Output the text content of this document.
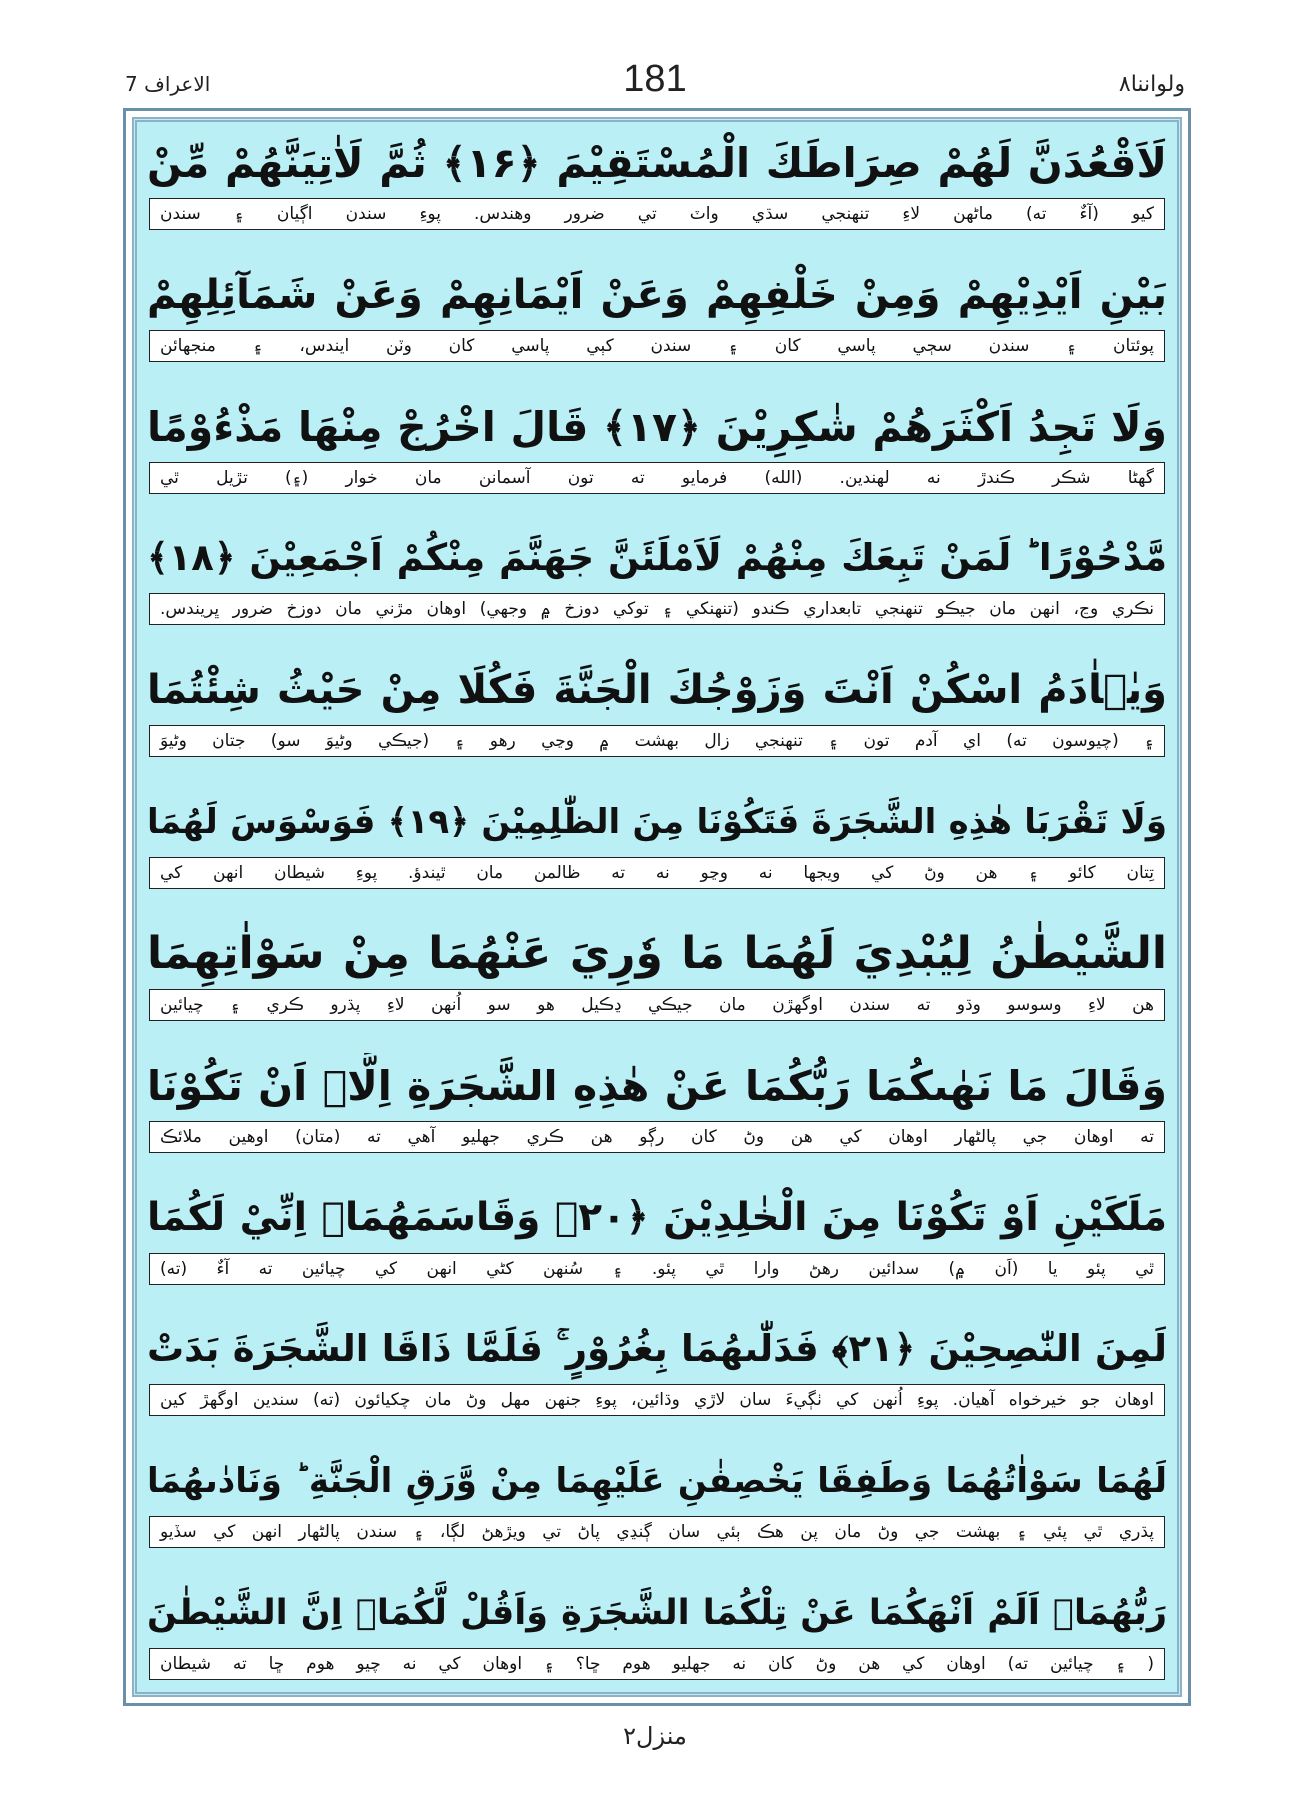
ولواننا۸
181
الاعراف 7
لَاَقْعُدَنَّ لَهُمْ صِرَاطَكَ الْمُسْتَقِيْمَ ﴿۱۶﴾ ثُمَّ لَاٰتِيَنَّهُمْ مِّنْ
کيو (آءٌ ته) ماڻهن لاءِ تنهنجي سڌي واٽ تي ضرور وهندس. پوءِ سندن اڳيان ۽ سندن
بَيْنِ اَيْدِيْهِمْ وَمِنْ خَلْفِهِمْ وَعَنْ اَيْمَانِهِمْ وَعَنْ شَمَآئِلِهِمْ
پوئتان ۽ سندن سڄي پاسي کان ۽ سندن کٻي پاسي کان وٽن ايندس، ۽ منجهائن
وَلَا تَجِدُ اَكْثَرَهُمْ شٰكِرِيْنَ ﴿۱۷﴾ قَالَ اخْرُجْ مِنْهَا مَذْءُوْمًا
گهڻا شڪر ڪندڙ نه لهندين. (الله) فرمايو ته تون آسمانن مان خوار (۽) تڙيل ٿي
مَّدْحُوْرًا ؕ لَمَنْ تَبِعَكَ مِنْهُمْ لَاَمْلَئَنَّ جَهَنَّمَ مِنْكُمْ اَجْمَعِيْنَ ﴿۱۸﴾
نڪري وڃ، انهن مان جيڪو تنهنجي تابعداري ڪندو (تنهنکي ۽ توکي دوزخ ۾ وجهي) اوهان مڙني مان دوزخ ضرور ڀريندس.
وَيٰۤاٰدَمُ اسْكُنْ اَنْتَ وَزَوْجُكَ الْجَنَّةَ فَكُلَا مِنْ حَيْثُ شِئْتُمَا
۽ (چيوسون ته) اي آدم تون ۽ تنهنجي زال بهشت ۾ وڃي رهو ۽ (جيڪي وڻيوَ سو) جتان وڻيوَ
وَلَا تَقْرَبَا هٰذِهِ الشَّجَرَةَ فَتَكُوْنَا مِنَ الظّٰلِمِيْنَ ﴿۱۹﴾ فَوَسْوَسَ لَهُمَا
تِتان کائو ۽ هن وڻ کي ويجها نه وڃو نه ته ظالمن مان ٿيندؤ. پوءِ شيطان انهن کي
الشَّيْطٰنُ لِيُبْدِيَ لَهُمَا مَا وٗرِيَ عَنْهُمَا مِنْ سَوْاٰتِهِمَا
هن لاءِ وسوسو وڌو ته سندن اوگهڙن مان جيڪي ڍڪيل هو سو اُنهن لاءِ پڌرو ڪري ۽ چيائين
وَقَالَ مَا نَهٰىكُمَا رَبُّكُمَا عَنْ هٰذِهِ الشَّجَرَةِ اِلَّاۤ اَنْ تَكُوْنَا
ته اوهان جي پالڻهار اوهان کي هن وڻ کان رڳو هن ڪري جهليو آهي ته (متان) اوهين ملائڪ
مَلَكَيْنِ اَوْ تَكُوْنَا مِنَ الْخٰلِدِيْنَ ﴿۲۰﴾ وَقَاسَمَهُمَاۤ اِنِّيْ لَكُمَا
ٿي پئو يا (اَن ۾) سدائين رهڻ وارا ٿي پئو. ۽ سُنهن کڻي انهن کي چيائين ته آءٌ (ته)
لَمِنَ النّٰصِحِيْنَ ﴿۲۱﴾ فَدَلّٰىهُمَا بِغُرُوْرٍ ۚ فَلَمَّا ذَاقَا الشَّجَرَةَ بَدَتْ
اوهان جو خيرخواه آهيان. پوءِ اُنهن کي ٺڳيءَ سان لاڙي وڌائين، پوءِ جنهن مهل وڻ مان چکيائون (ته) سندين اوگهڙ کين
لَهُمَا سَوْاٰتُهُمَا وَطَفِقَا يَخْصِفٰنِ عَلَيْهِمَا مِنْ وَّرَقِ الْجَنَّةِ ؕ وَنَادٰىهُمَا
پڌري ٿي پئي ۽ بهشت جي وڻ مان پن هڪ ٻئي سان ڳنڍي پاڻ تي ويڙهڻ لڳا، ۽ سندن پالڻهار انهن کي سڏيو
رَبُّهُمَاۤ اَلَمْ اَنْهَكُمَا عَنْ تِلْكُمَا الشَّجَرَةِ وَاَقُلْ لَّكُمَاۤ اِنَّ الشَّيْطٰنَ
( ۽ چيائين ته) اوهان کي هن وڻ کان نه جهليو هوم ڇا؟ ۽ اوهان کي نه چيو هوم ڇا ته شيطان
منزل۲
